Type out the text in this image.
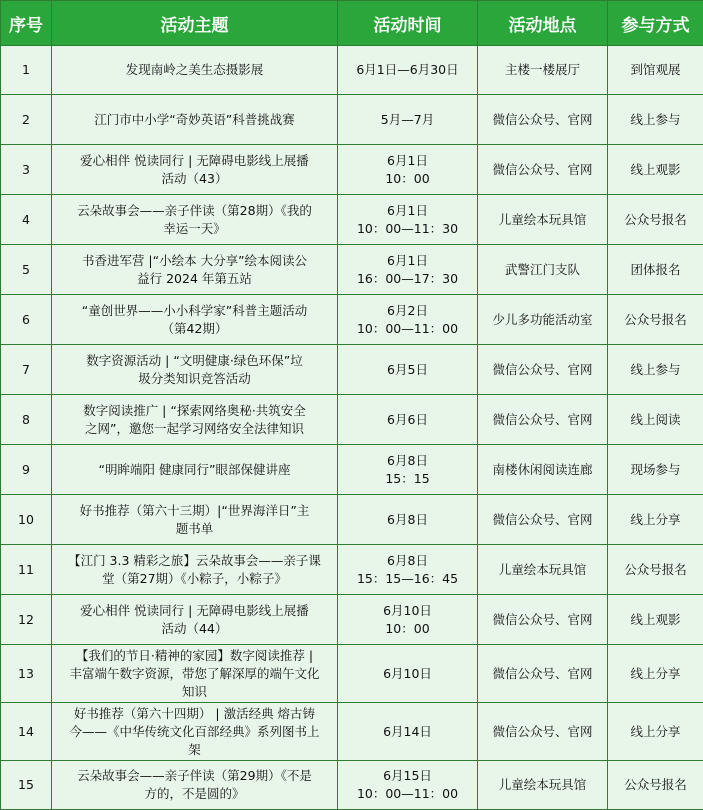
序号	活动主题	活动时间	活动地点	参与方式
1	发现南岭之美生态摄影展	6月1日—6月30日	主楼一楼展厅	到馆观展
2	江门市中小学“奇妙英语”科普挑战赛	5月—7月	微信公众号、官网	线上参与
3	爱心相伴 悦读同行 | 无障碍电影线上展播
活动（43）	6月1日
10：00	微信公众号、官网	线上观影
4	云朵故事会——亲子伴读（第28期）《我的
幸运一天》	6月1日
10：00—11：30	儿童绘本玩具馆	公众号报名
5	书香进军营 |“小绘本 大分享”绘本阅读公
益行 2024 年第五站	6月1日
16：00—17：30	武警江门支队	团体报名
6	“童创世界——小小科学家”科普主题活动
（第42期）	6月2日
10：00—11：00	少儿多功能活动室	公众号报名
7	数字资源活动 | “文明健康·绿色环保”垃
圾分类知识竞答活动	6月5日	微信公众号、官网	线上参与
8	数字阅读推广 | “探索网络奥秘·共筑安全
之网”，邀您一起学习网络安全法律知识	6月6日	微信公众号、官网	线上阅读
9	“明眸端阳 健康同行”眼部保健讲座	6月8日
15：15	南楼休闲阅读连廊	现场参与
10	好书推荐（第六十三期）|“世界海洋日”主
题书单	6月8日	微信公众号、官网	线上分享
11	【江门 3.3 精彩之旅】云朵故事会——亲子课
堂（第27期）《小粽子，小粽子》	6月8日
15：15—16：45	儿童绘本玩具馆	公众号报名
12	爱心相伴 悦读同行 | 无障碍电影线上展播
活动（44）	6月10日
10：00	微信公众号、官网	线上观影
13	【我们的节日·精神的家园】数字阅读推荐 |
丰富端午数字资源，带您了解深厚的端午文化
知识	6月10日	微信公众号、官网	线上分享
14	好书推荐（第六十四期） | 激活经典 熔古铸
今——《中华传统文化百部经典》系列图书上
架	6月14日	微信公众号、官网	线上分享
15	云朵故事会——亲子伴读（第29期）《不是
方的，不是圆的》	6月15日
10：00—11：00	儿童绘本玩具馆	公众号报名
